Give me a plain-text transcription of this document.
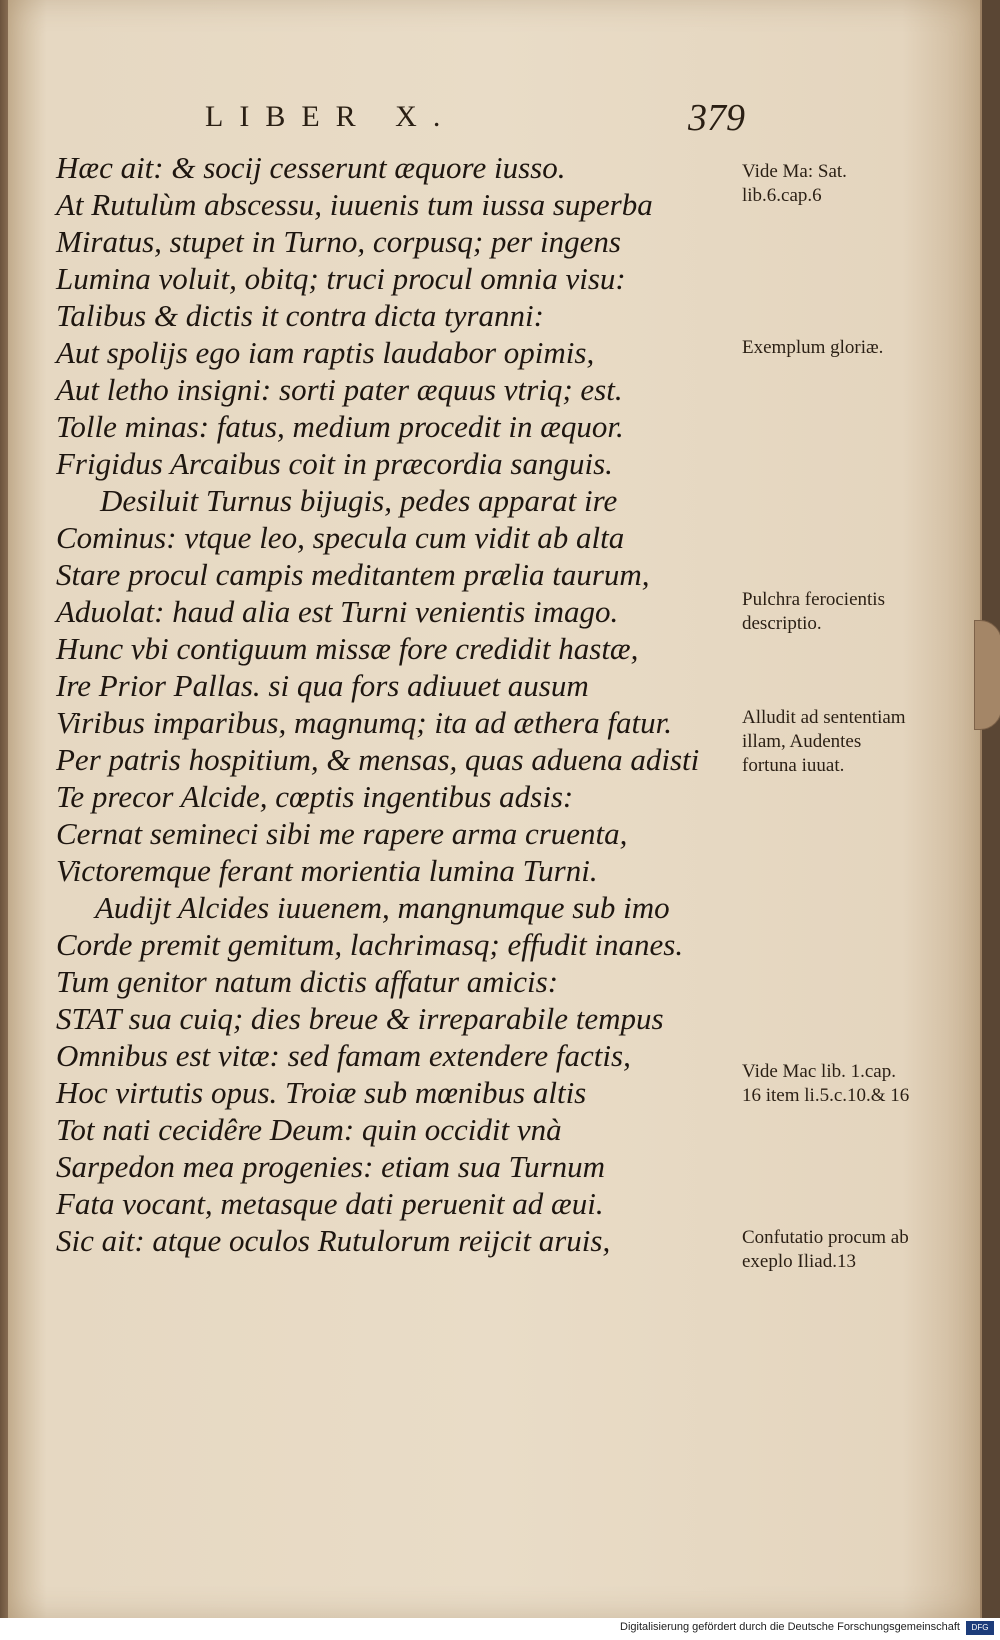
LIBER X.	379
Hæc ait: & socij cesserunt æquore iusso.
At Rutulùm abscessu, iuuenis tum iussa superba
Miratus, stupet in Turno, corpusq; per ingens
Lumina voluit, obitq; truci procul omnia visu:
Talibus & dictis it contra dicta tyranni:
Aut spolijs ego iam raptis laudabor opimis,
Aut letho insigni: sorti pater æquus vtriq; est.
Tolle minas: fatus, medium procedit in æquor.
Frigidus Arcaibus coit in præcordia sanguis.
Desiluit Turnus bijugis, pedes apparat ire
Cominus: vtque leo, specula cum vidit ab alta
Stare procul campis meditantem prælia taurum,
Aduolat: haud alia est Turni venientis imago.
Hunc vbi contiguum missæ fore credidit hastæ,
Ire Prior Pallas. si qua fors adiuuet ausum
Viribus imparibus, magnumq; ita ad æthera fatur.
Per patris hospitium, & mensas, quas aduena adisti
Te precor Alcide, cœptis ingentibus adsis:
Cernat semineci sibi me rapere arma cruenta,
Victoremque ferant morientia lumina Turni.
Audijt Alcides iuuenem, mangnumque sub imo
Corde premit gemitum, lachrimasq; effudit inanes.
Tum genitor natum dictis affatur amicis:
STAT sua cuiq; dies breue & irreparabile tempus
Omnibus est vitæ: sed famam extendere factis,
Hoc virtutis opus. Troiæ sub mœnibus altis
Tot nati cecidêre Deum: quin occidit vnà
Sarpedon mea progenies: etiam sua Turnum
Fata vocant, metasque dati peruenit ad æui.
Sic ait: atque oculos Rutulorum reijcit aruis,
Vide Ma: Sat. lib.6.cap.6
Exemplum gloriæ.
Pulchra ferocientis descriptio.
Alludit ad sententiam illam, Audentes fortuna iuuat.
Vide Mac lib. 1.cap. 16 item li.5.c.10.& 16
Confutatio procum ab exeplo Iliad.13
Digitalisierung gefördert durch die Deutsche Forschungsgemeinschaft	DFG
